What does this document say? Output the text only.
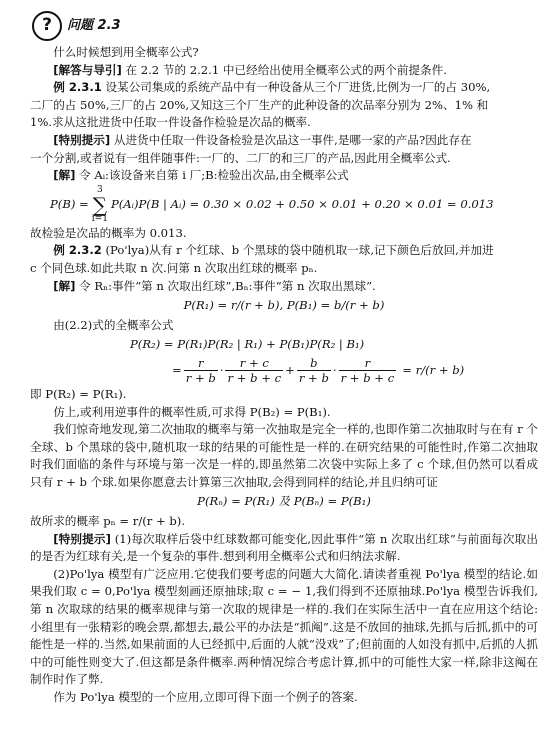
?	问题 2.3

什么时候想到用全概率公式?

[解答与导引] 在 2.2 节的 2.2.1 中已经给出使用全概率公式的两个前提条件.

例 2.3.1 设某公司集成的系统产品中有一种设备从三个厂进货,比例为一厂的占 30%,

二厂的占 50%,三厂的占 20%,又知这三个厂生产的此种设备的次品率分别为 2%、1% 和

1%.求从这批进货中任取一件设备作检验是次品的概率.

[特别提示] 从进货中任取一件设备检验是次品这一事件,是哪一家的产品?因此存在

一个分割,或者说有一组伴随事件:一厂的、二厂的和三厂的产品,因此用全概率公式.

[解] 令 Aᵢ:该设备来自第 i 厂;B:检验出次品,由全概率公式

P(B) =
3
∑
i=1
P(Aᵢ)P(B | Aᵢ) = 0.30 × 0.02 + 0.50 × 0.01 + 0.20 × 0.01 = 0.013

故检验是次品的概率为 0.013.

例 2.3.2 (Po'lya)从有 r 个红球、b 个黑球的袋中随机取一球,记下颜色后放回,并加进

c 个同色球.如此共取 n 次.问第 n 次取出红球的概率 pₙ.

[解] 令 Rₙ:事件“第 n 次取出红球”,Bₙ:事件“第 n 次取出黑球”.

P(R₁) = r/(r + b), P(B₁) = b/(r + b)

由(2.2)式的全概率公式

P(R₂) = P(R₁)P(R₂ | R₁) + P(B₁)P(R₂ | B₁)

= $\frac{r}{r + b} \cdot \frac{r + c}{r + b + c} + \frac{b}{r + b} \cdot \frac{r}{r + b + c} = r/(r + b)$

即 P(R₂) = P(R₁).

仿上,或利用逆事件的概率性质,可求得 P(B₂) = P(B₁).

我们惊奇地发现,第二次抽取的概率与第一次抽取是完全一样的,也即作第二次抽取时与在有 r 个全球、b 个黑球的袋中,随机取一球的结果的可能性是一样的.在研究结果的可能性时,作第二次抽取时我们面临的条件与环境与第一次是一样的,即虽然第二次袋中实际上多了 c 个球,但仍然可以看成只有 r + b 个球.如果你愿意去计算第三次抽取,会得到同样的结论,并且归纳可证

P(Rₙ) = P(R₁) 及 P(Bₙ) = P(B₁)

故所求的概率 pₙ = r/(r + b).

[特别提示] (1)每次取样后袋中红球数都可能变化,因此事件“第 n 次取出红球”与前面每次取出的是否为红球有关,是一个复杂的事件.想到利用全概率公式和归纳法求解.

(2)Po'lya 模型有广泛应用.它使我们要考虑的问题大大简化.请读者重视 Po'lya 模型的结论.如果我们取 c = 0,Po'lya 模型刻画还原抽球;取 c = − 1,我们得到不还原抽球.Po'lya 模型告诉我们,第 n 次取球的结果的概率规律与第一次取的规律是一样的.我们在实际生活中一直在应用这个结论:小组里有一张精彩的晚会票,都想去,最公平的办法是“抓阄”.这是不放回的抽球,先抓与后抓,抓中的可能性是一样的.当然,如果前面的人已经抓中,后面的人就“没戏”了;但前面的人如没有抓中,后抓的人抓中的可能性则变大了.但这都是条件概率.两种情况综合考虑计算,抓中的可能性大家一样,除非这阄在制作时作了弊.

作为 Po'lya 模型的一个应用,立即可得下面一个例子的答案.
